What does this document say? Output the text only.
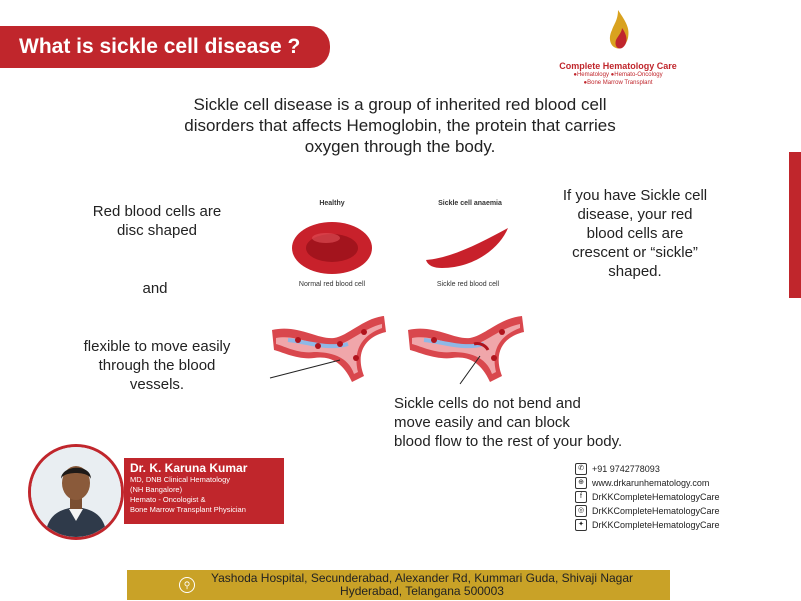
What is sickle cell disease ?
Complete Hematology Care
●Hematology ●Hemato-Oncology
●Bone Marrow Transplant
Sickle cell disease is a group of inherited red blood cell disorders that affects Hemoglobin, the protein that carries oxygen through the body.
Red blood cells are disc shaped
and
flexible to move easily through the blood vessels.
If you have Sickle cell disease, your red blood cells are crescent or “sickle” shaped.
Healthy	Sickle cell anaemia
Normal red blood cell	Sickle red blood cell
Sickle cells do not bend and
move easily and can block
blood flow to the rest of your body.
Dr. K. Karuna Kumar
MD, DNB Clinical Hematology
(NH Bangalore)
Hemato - Oncologist &
Bone Marrow Transplant Physician
✆ +91 9742778093
⊕ www.drkarunhematology.com
f	DrKKCompleteHematologyCare
◎ DrKKCompleteHematologyCare
✦ DrKKCompleteHematologyCare
⚲	Yashoda Hospital, Secunderabad, Alexander Rd, Kummari Guda, Shivaji Nagar
Hyderabad, Telangana 500003
